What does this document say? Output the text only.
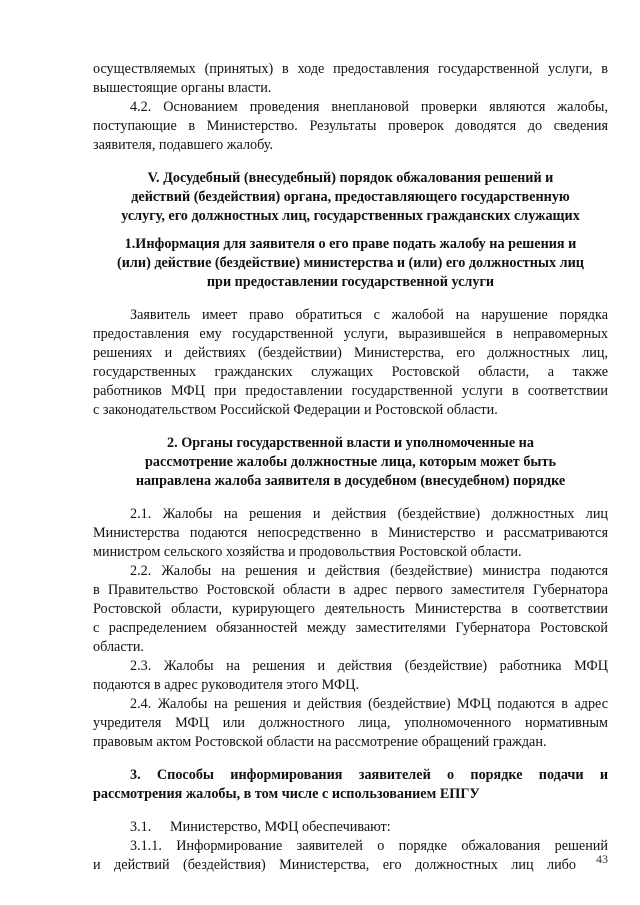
осуществляемых (принятых) в ходе предоставления государственной услуги, в
вышестоящие органы власти.
4.2. Основанием проведения внеплановой проверки являются жалобы,
поступающие в Министерство. Результаты проверок доводятся до сведения
заявителя, подавшего жалобу.
V. Досудебный (внесудебный) порядок обжалования решений и
действий (бездействия) органа, предоставляющего государственную
услугу, его должностных лиц, государственных гражданских служащих
1.Информация для заявителя о его праве подать жалобу на решения и
(или) действие (бездействие) министерства и (или) его должностных лиц
при предоставлении государственной услуги
Заявитель имеет право обратиться с жалобой на нарушение порядка
предоставления ему государственной услуги, выразившейся в неправомерных
решениях и действиях (бездействии) Министерства, его должностных лиц,
государственных гражданских служащих Ростовской области, а также
работников МФЦ при предоставлении государственной услуги в соответствии
с законодательством Российской Федерации и Ростовской области.
2. Органы государственной власти и уполномоченные на
рассмотрение жалобы должностные лица, которым может быть
направлена жалоба заявителя в досудебном (внесудебном) порядке
2.1. Жалобы на решения и действия (бездействие) должностных лиц
Министерства подаются непосредственно в Министерство и рассматриваются
министром сельского хозяйства и продовольствия Ростовской области.
2.2. Жалобы на решения и действия (бездействие) министра подаются
в Правительство Ростовской области в адрес первого заместителя Губернатора
Ростовской области, курирующего деятельность Министерства в соответствии
с распределением обязанностей между заместителями Губернатора Ростовской
области.
2.3. Жалобы на решения и действия (бездействие) работника МФЦ
подаются в адрес руководителя этого МФЦ.
2.4. Жалобы на решения и действия (бездействие) МФЦ подаются в адрес
учредителя МФЦ или должностного лица, уполномоченного нормативным
правовым актом Ростовской области на рассмотрение обращений граждан.
3. Способы информирования заявителей о порядке подачи и
рассмотрения жалобы, в том числе с использованием ЕПГУ
3.1. Министерство, МФЦ обеспечивают:
3.1.1. Информирование заявителей о порядке обжалования решений
и действий (бездействия) Министерства, его должностных лиц либо 43
